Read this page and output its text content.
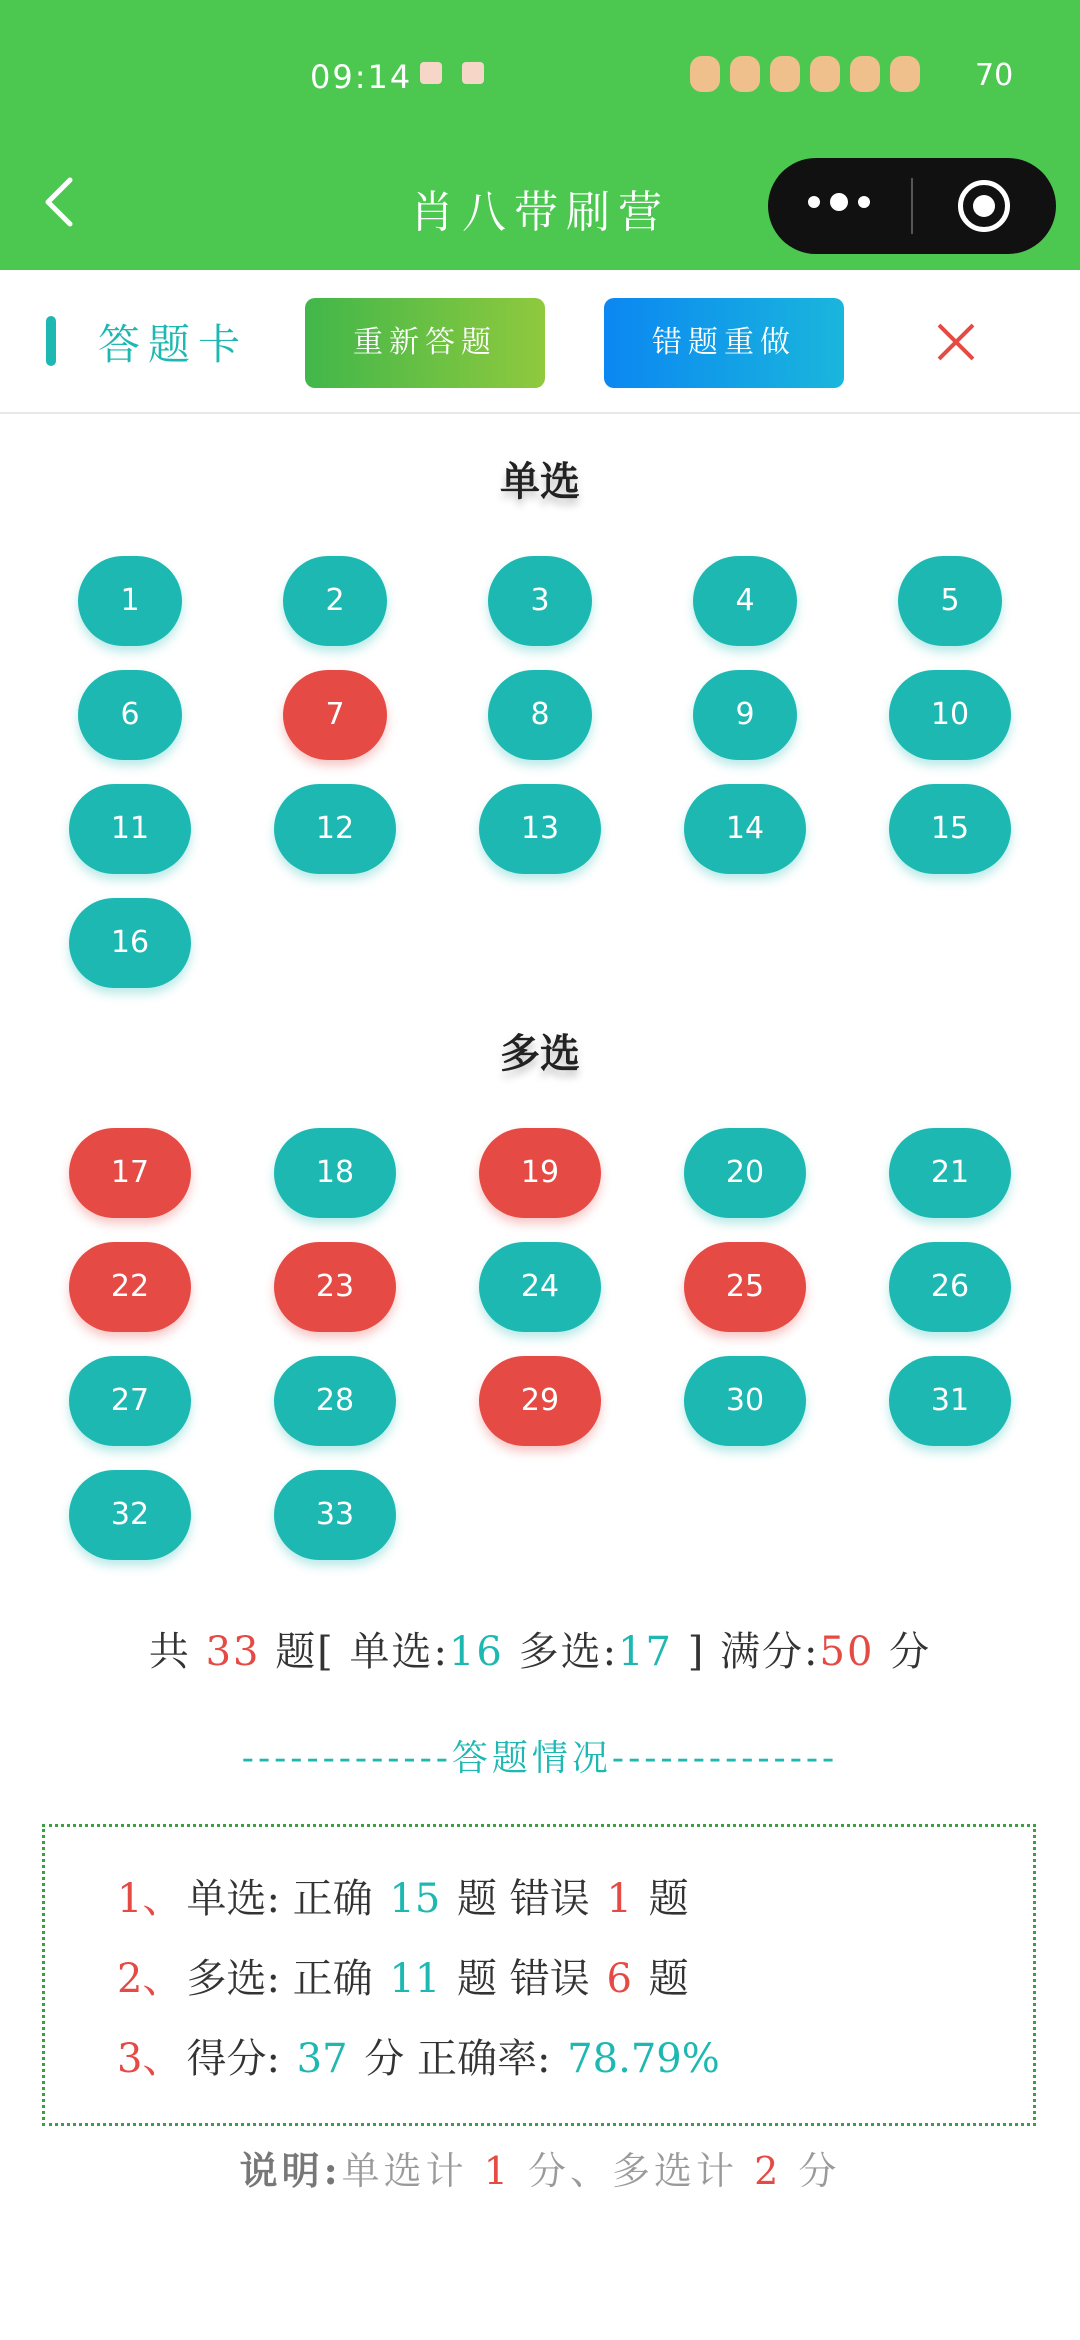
09:14	70
肖八带刷营
答题卡	重新答题	错题重做
单选
1	2	3	4	5
6	7	8	9	10
11	12	13	14	15
16
多选
17	18	19	20	21
22	23	24	25	26
27	28	29	30	31
32	33
共 33 题[ 单选:16 多选:17 ] 满分:50 分
-------------答题情况--------------
1、 单选: 正确 15 题 错误 1 题
2、 多选: 正确 11 题 错误 6 题
3、 得分: 37 分 正确率: 78.79%
说明:单选计 1 分、多选计 2 分
